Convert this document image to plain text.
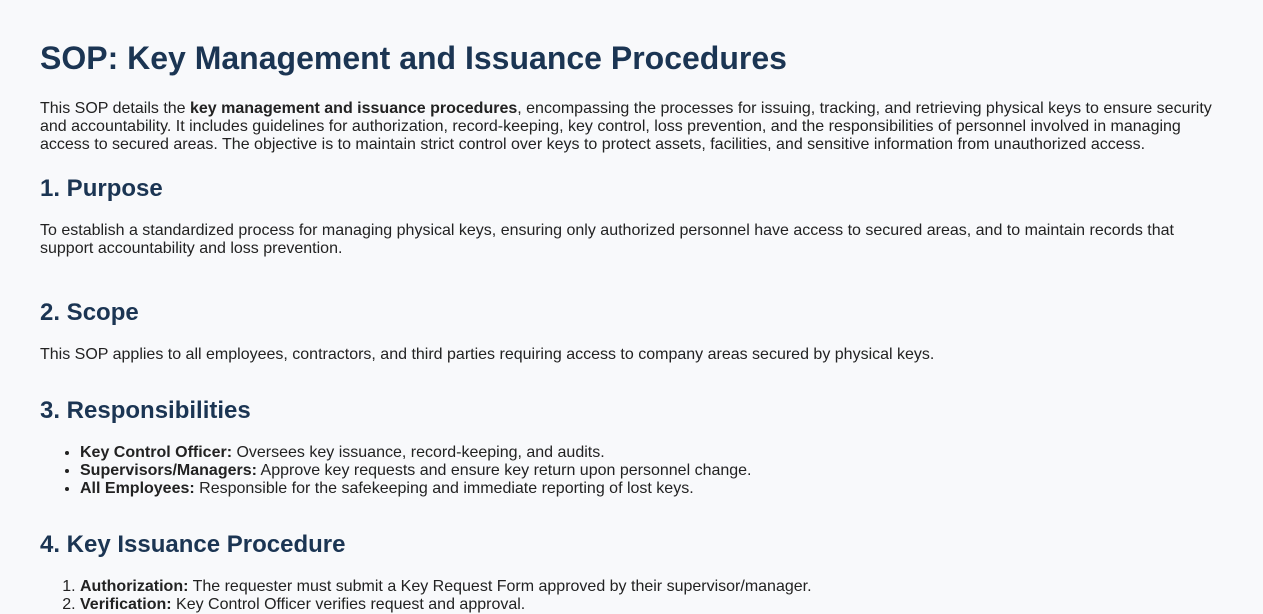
SOP: Key Management and Issuance Procedures

This SOP details the key management and issuance procedures, encompassing the processes for issuing, tracking, and retrieving physical keys to ensure security and accountability. It includes guidelines for authorization, record-keeping, key control, loss prevention, and the responsibilities of personnel involved in managing access to secured areas. The objective is to maintain strict control over keys to protect assets, facilities, and sensitive information from unauthorized access.

1. Purpose

To establish a standardized process for managing physical keys, ensuring only authorized personnel have access to secured areas, and to maintain records that support accountability and loss prevention.

2. Scope

This SOP applies to all employees, contractors, and third parties requiring access to company areas secured by physical keys.

3. Responsibilities
• Key Control Officer: Oversees key issuance, record-keeping, and audits.
• Supervisors/Managers: Approve key requests and ensure key return upon personnel change.
• All Employees: Responsible for the safekeeping and immediate reporting of lost keys.
4. Key Issuance Procedure
1. Authorization: The requester must submit a Key Request Form approved by their supervisor/manager.
2. Verification: Key Control Officer verifies request and approval.
